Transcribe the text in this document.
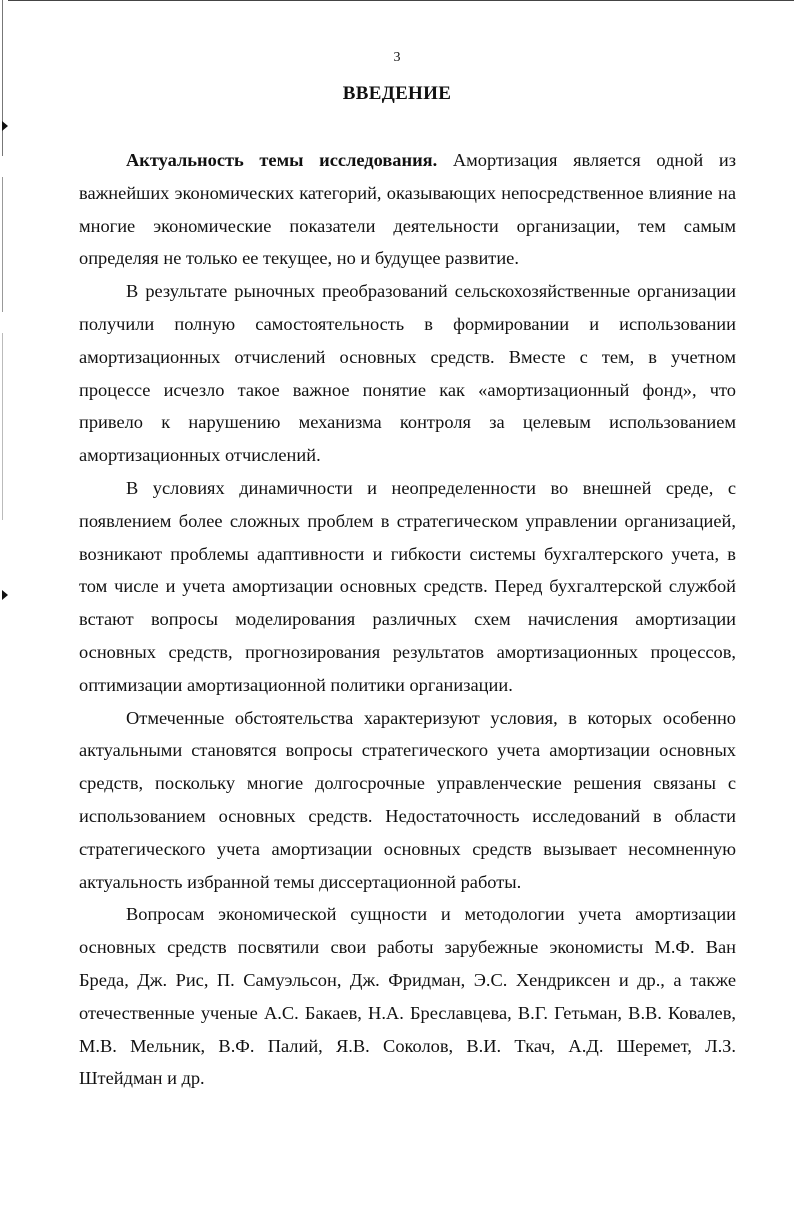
3
ВВЕДЕНИЕ

Актуальность темы исследования. Амортизация является одной из важнейших экономических категорий, оказывающих непосредственное влияние на многие экономические показатели деятельности организации, тем самым определяя не только ее текущее, но и будущее развитие.

В результате рыночных преобразований сельскохозяйственные организации получили полную самостоятельность в формировании и использовании амортизационных отчислений основных средств. Вместе с тем, в учетном процессе исчезло такое важное понятие как «амортизационный фонд», что привело к нарушению механизма контроля за целевым использованием амортизационных отчислений.

В условиях динамичности и неопределенности во внешней среде, с появлением более сложных проблем в стратегическом управлении организацией, возникают проблемы адаптивности и гибкости системы бухгалтерского учета, в том числе и учета амортизации основных средств. Перед бухгалтерской службой встают вопросы моделирования различных схем начисления амортизации основных средств, прогнозирования результатов амортизационных процессов, оптимизации амортизационной политики организации.

Отмеченные обстоятельства характеризуют условия, в которых особенно актуальными становятся вопросы стратегического учета амортизации основных средств, поскольку многие долгосрочные управленческие решения связаны с использованием основных средств. Недостаточность исследований в области стратегического учета амортизации основных средств вызывает несомненную актуальность избранной темы диссертационной работы.

Вопросам экономической сущности и методологии учета амортизации основных средств посвятили свои работы зарубежные экономисты М.Ф. Ван Бреда, Дж. Рис, П. Самуэльсон, Дж. Фридман, Э.С. Хендриксен и др., а также отечественные ученые А.С. Бакаев, Н.А. Бреславцева, В.Г. Гетьман, В.В. Ковалев, М.В. Мельник, В.Ф. Палий, Я.В. Соколов, В.И. Ткач, А.Д. Шеремет, Л.З. Штейдман и др.
